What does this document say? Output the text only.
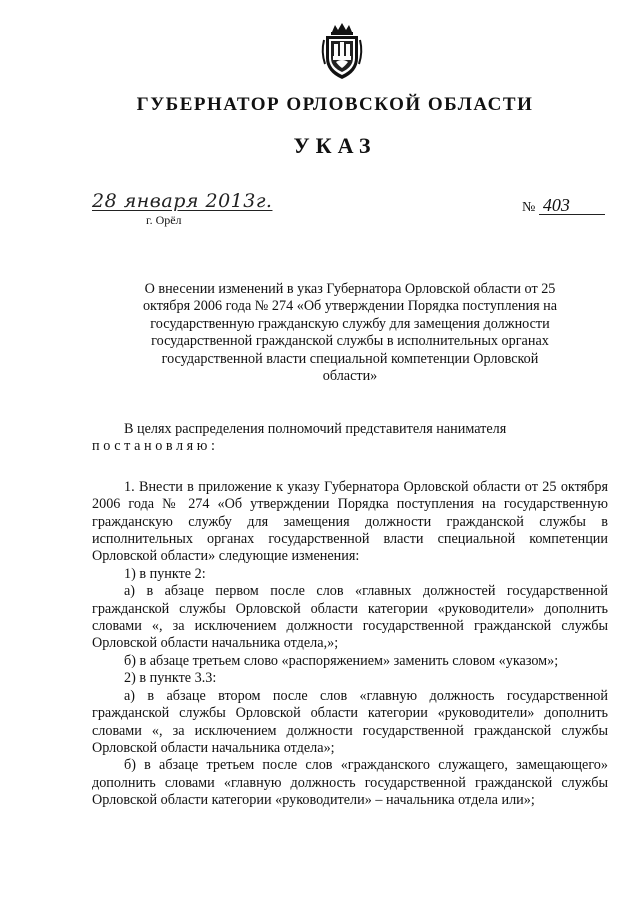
ГУБЕРНАТОР ОРЛОВСКОЙ ОБЛАСТИ
УКАЗ
28 января 2013г.
г. Орёл
№ 403
О внесении изменений в указ Губернатора Орловской области от 25 октября 2006 года № 274 «Об утверждении Порядка поступления на государственную гражданскую службу для замещения должности государственной гражданской службы в исполнительных органах государственной власти специальной компетенции Орловской области»

В целях распределения полномочий представителя нанимателя

постановляю:

1. Внести в приложение к указу Губернатора Орловской области от 25 октября 2006 года № 274 «Об утверждении Порядка поступления на государственную гражданскую службу для замещения должности гражданской службы в исполнительных органах государственной власти специальной компетенции Орловской области» следующие изменения:

1) в пункте 2:

а) в абзаце первом после слов «главных должностей государственной гражданской службы Орловской области категории «руководители» дополнить словами «, за исключением должности государственной гражданской службы Орловской области начальника отдела,»;

б) в абзаце третьем слово «распоряжением» заменить словом «указом»;

2) в пункте 3.3:

а) в абзаце втором после слов «главную должность государственной гражданской службы Орловской области категории «руководители» дополнить словами «, за исключением должности государственной гражданской службы Орловской области начальника отдела»;

б) в абзаце третьем после слов «гражданского служащего, замещающего» дополнить словами «главную должность государственной гражданской службы Орловской области категории «руководители» – начальника отдела или»;
